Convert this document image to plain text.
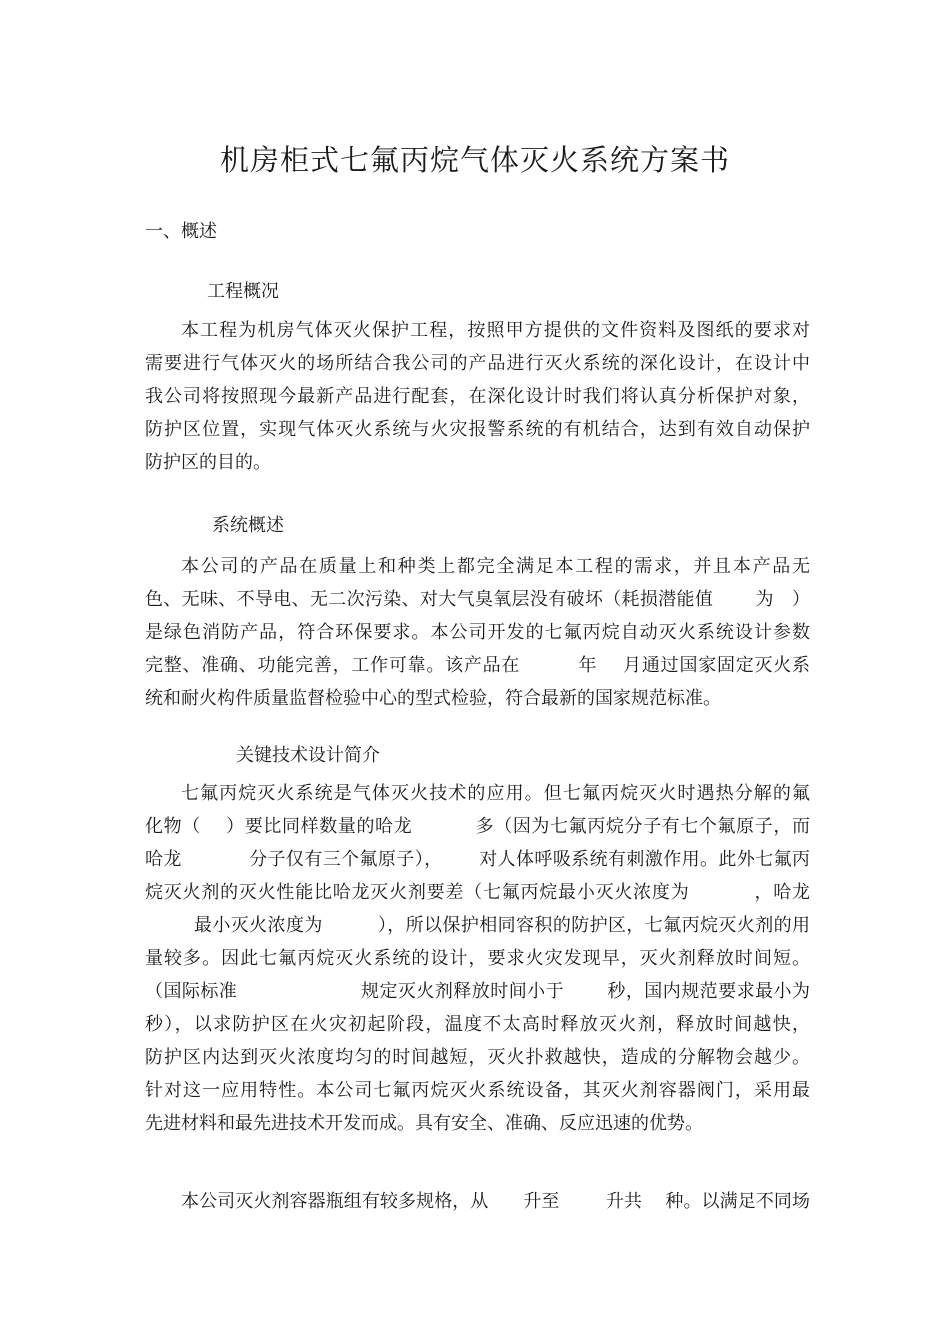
机房柜式七氟丙烷气体灭火系统方案书
一、概述
工程概况
本工程为机房气体灭火保护工程，按照甲方提供的文件资料及图纸的要求对
需要进行气体灭火的场所结合我公司的产品进行灭火系统的深化设计，在设计中
我公司将按照现今最新产品进行配套，在深化设计时我们将认真分析保护对象，
防护区位置，实现气体灭火系统与火灾报警系统的有机结合，达到有效自动保护
防护区的目的。
系统概述
本公司的产品在质量上和种类上都完全满足本工程的需求，并且本产品无
色、无味、不导电、无二次污染、对大气臭氧层没有破坏（耗损潜能值       为   ）
是绿色消防产品，符合环保要求。本公司开发的七氟丙烷自动灭火系统设计参数
完整、准确、功能完善，工作可靠。该产品在         年    月通过国家固定灭火系
统和耐火构件质量监督检验中心的型式检验，符合最新的国家规范标准。
关键技术设计简介
七氟丙烷灭火系统是气体灭火技术的应用。但七氟丙烷灭火时遇热分解的氟
化物（    ）要比同样数量的哈龙          多（因为七氟丙烷分子有七个氟原子，而
哈龙           分子仅有三个氟原子），      对人体呼吸系统有刺激作用。此外七氟丙
烷灭火剂的灭火性能比哈龙灭火剂要差（七氟丙烷最小灭火浓度为          ，哈龙
最小灭火浓度为         ），所以保护相同容积的防护区，七氟丙烷灭火剂的用
量较多。因此七氟丙烷灭火系统的设计，要求火灾发现早，灭火剂释放时间短。
（国际标准                    规定灭火剂释放时间小于       秒，国内规范要求最小为
秒），以求防护区在火灾初起阶段，温度不太高时释放灭火剂，释放时间越快，
防护区内达到灭火浓度均匀的时间越短，灭火扑救越快，造成的分解物会越少。
针对这一应用特性。本公司七氟丙烷灭火系统设备，其灭火剂容器阀门，采用最
先进材料和最先进技术开发而成。具有安全、准确、反应迅速的优势。
本公司灭火剂容器瓶组有较多规格，从      升至        升共    种。以满足不同场
